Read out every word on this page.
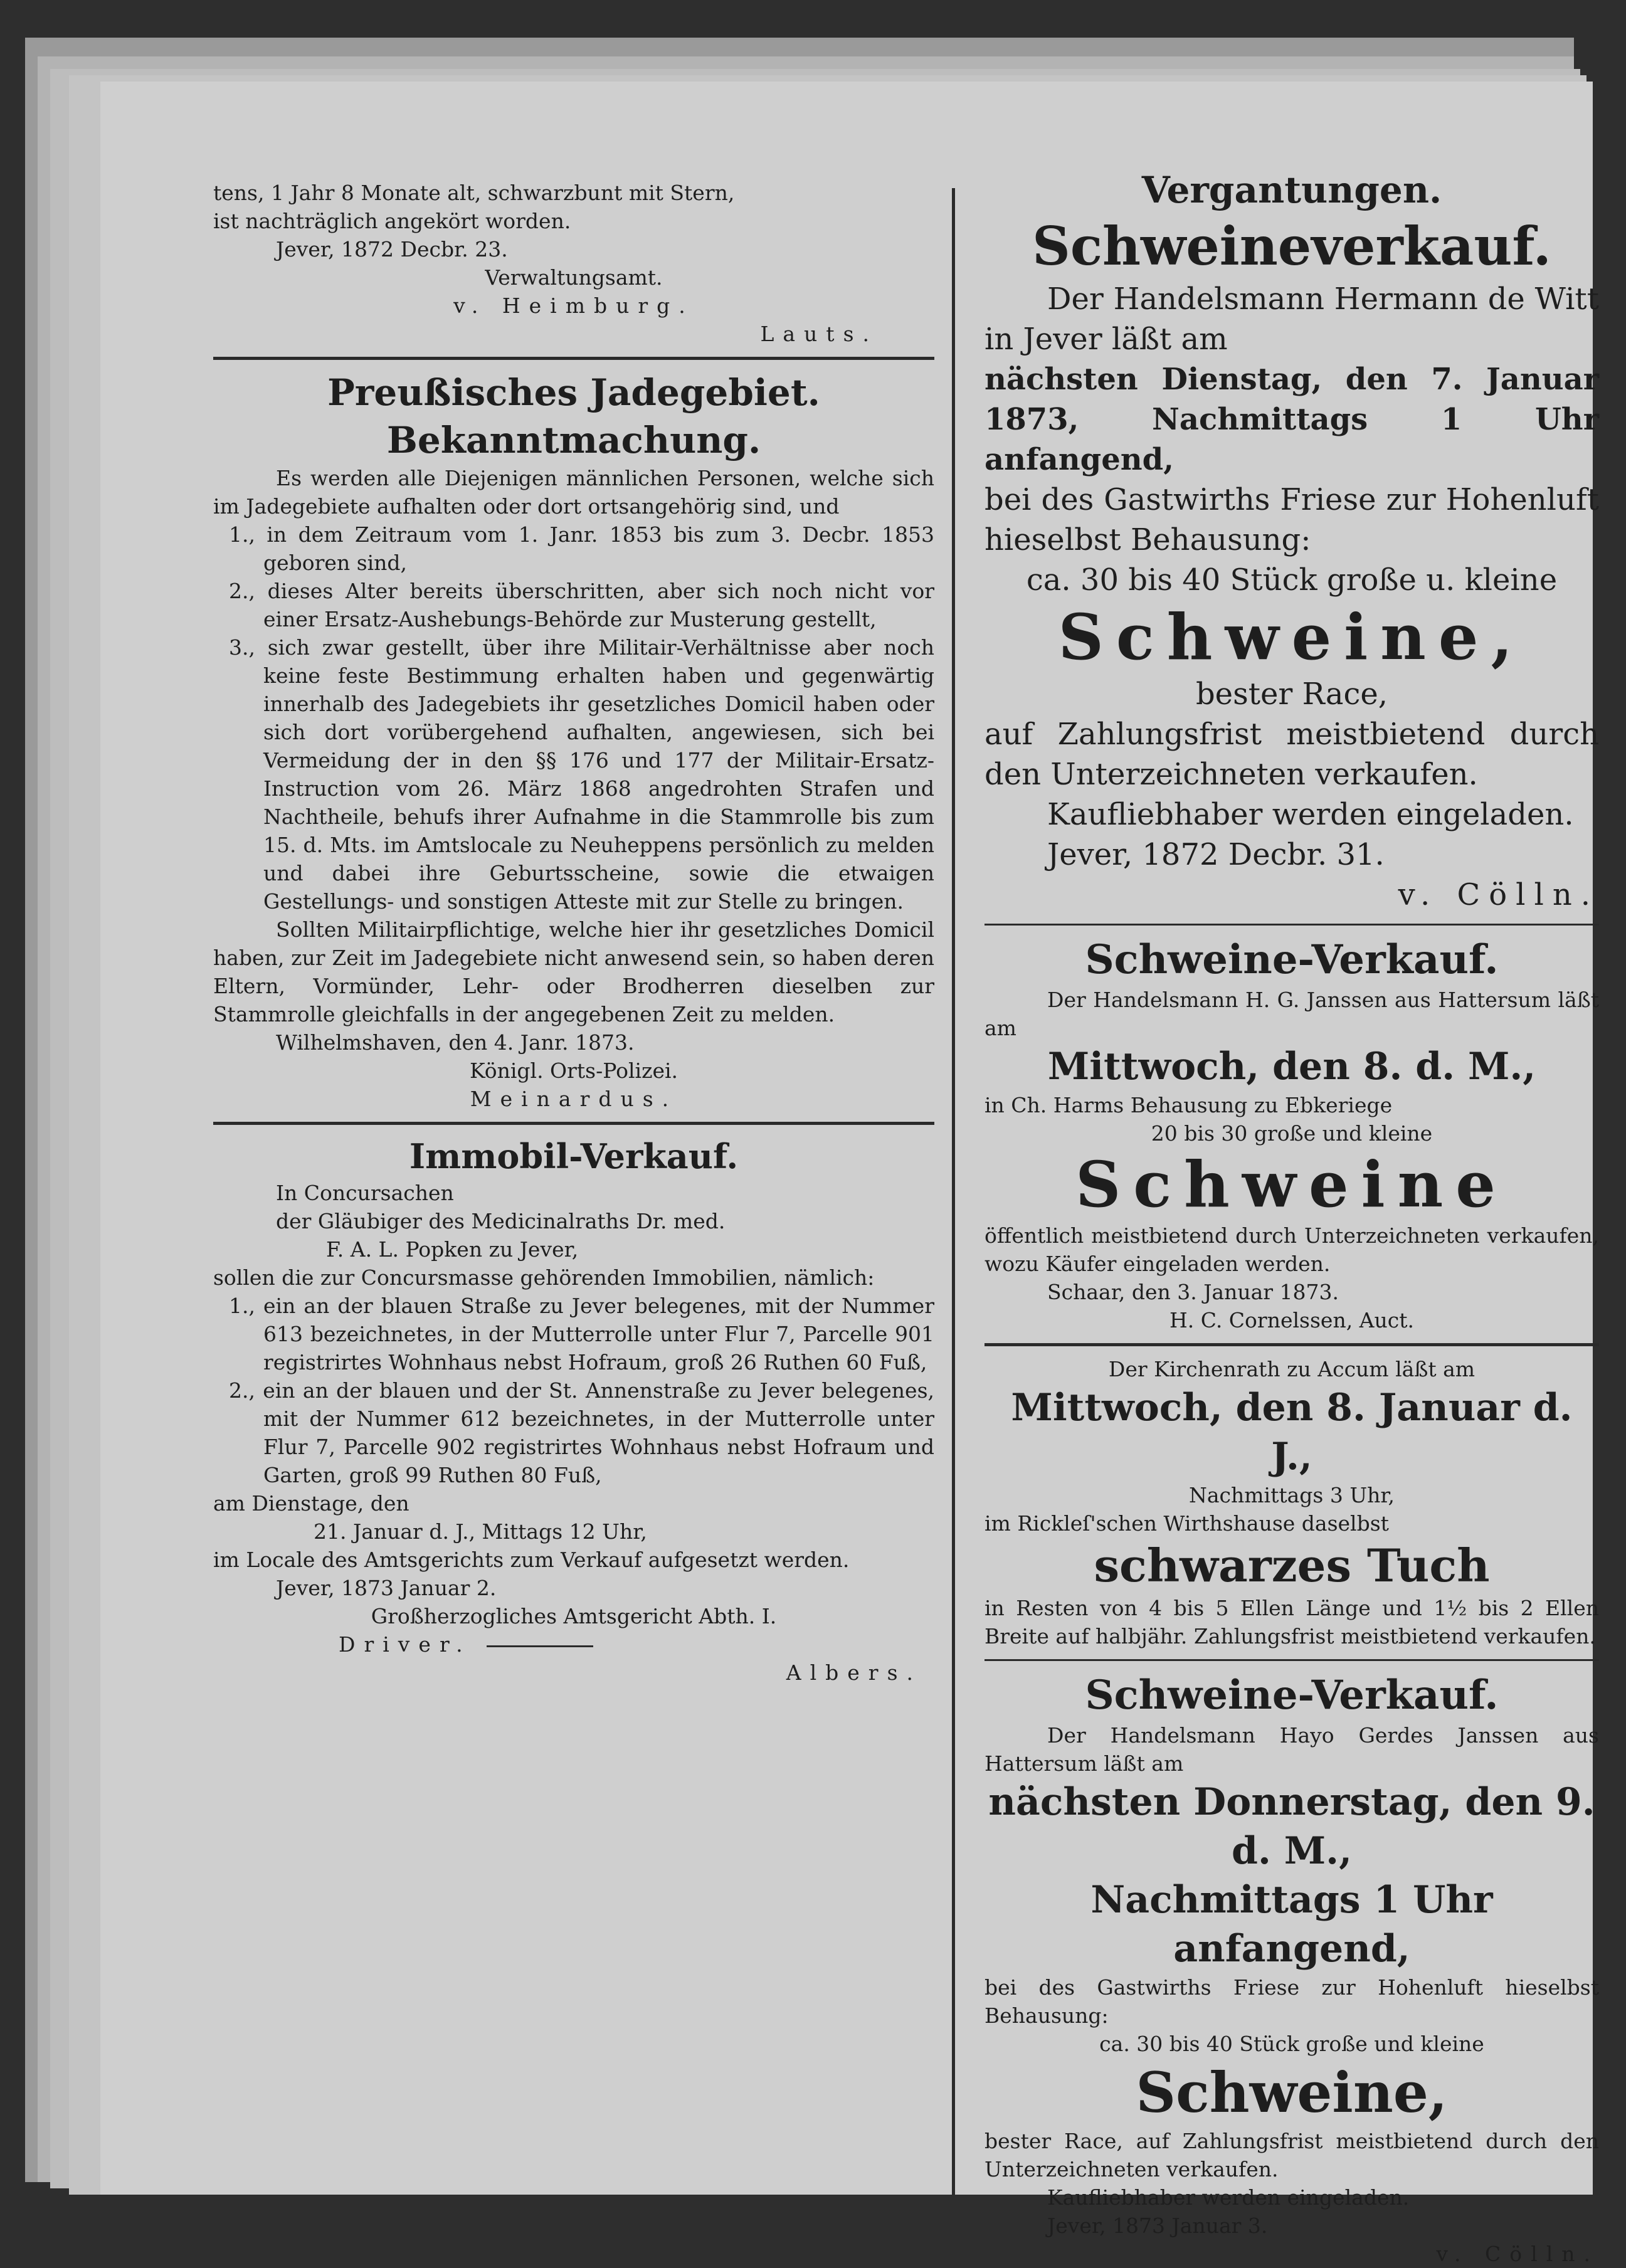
tens, 1 Jahr 8 Monate alt, schwarzbunt mit Stern,

ist nachträglich angekört worden.

Jever, 1872 Decbr. 23.

Verwaltungsamt.

v. Heimburg.

Lauts.

Preußisches Jadegebiet.

Bekanntmachung.

Es werden alle Diejenigen männlichen Personen, welche sich im Jadegebiete aufhalten oder dort ortsangehörig sind, und

1., in dem Zeitraum vom 1. Janr. 1853 bis zum 3. Decbr. 1853 geboren sind,

2., dieses Alter bereits überschritten, aber sich noch nicht vor einer Ersatz-Aushebungs-Behörde zur Musterung gestellt,

3., sich zwar gestellt, über ihre Militair-Verhältnisse aber noch keine feste Bestimmung erhalten haben und gegenwärtig innerhalb des Jadegebiets ihr gesetzliches Domicil haben oder sich dort vorübergehend aufhalten, angewiesen, sich bei Vermeidung der in den §§ 176 und 177 der Militair-Ersatz-Instruction vom 26. März 1868 angedrohten Strafen und Nachtheile, behufs ihrer Aufnahme in die Stammrolle bis zum 15. d. Mts. im Amtslocale zu Neuheppens persönlich zu melden und dabei ihre Geburtsscheine, sowie die etwaigen Gestellungs- und sonstigen Atteste mit zur Stelle zu bringen.

Sollten Militairpflichtige, welche hier ihr gesetzliches Domicil haben, zur Zeit im Jadegebiete nicht anwesend sein, so haben deren Eltern, Vormünder, Lehr- oder Brodherren dieselben zur Stammrolle gleichfalls in der angegebenen Zeit zu melden.

Wilhelmshaven, den 4. Janr. 1873.

Königl. Orts-Polizei.

Meinardus.

Immobil-Verkauf.

In Concursachen

der Gläubiger des Medicinalraths Dr. med.

F. A. L. Popken zu Jever,

sollen die zur Concursmasse gehörenden Immobilien, nämlich:

1., ein an der blauen Straße zu Jever belegenes, mit der Nummer 613 bezeichnetes, in der Mutterrolle unter Flur 7, Parcelle 901 registrirtes Wohnhaus nebst Hofraum, groß 26 Ruthen 60 Fuß,

2., ein an der blauen und der St. Annenstraße zu Jever belegenes, mit der Nummer 612 bezeichnetes, in der Mutterrolle unter Flur 7, Parcelle 902 registrirtes Wohnhaus nebst Hofraum und Garten, groß 99 Ruthen 80 Fuß,

am Dienstage, den

21. Januar d. J., Mittags 12 Uhr,

im Locale des Amtsgerichts zum Verkauf aufgesetzt werden.

Jever, 1873 Januar 2.

Großherzogliches Amtsgericht Abth. I.

Driver.

Albers.

Vergantungen.

Schweineverkauf.

Der Handelsmann Hermann de Witt in Jever läßt am

nächsten Dienstag, den 7. Januar 1873, Nachmittags 1 Uhr anfangend,

bei des Gastwirths Friese zur Hohenluft hieselbst Behausung:

ca. 30 bis 40 Stück große u. kleine

Schweine,

bester Race,

auf Zahlungsfrist meistbietend durch den Unterzeichneten verkaufen.

Kaufliebhaber werden eingeladen.

Jever, 1872 Decbr. 31.

v. Cölln.

Schweine-Verkauf.

Der Handelsmann H. G. Janssen aus Hattersum läßt am

Mittwoch, den 8. d. M.,

in Ch. Harms Behausung zu Ebkeriege

20 bis 30 große und kleine

Schweine

öffentlich meistbietend durch Unterzeichneten verkaufen, wozu Käufer eingeladen werden.

Schaar, den 3. Januar 1873.

H. C. Cornelssen, Auct.

Der Kirchenrath zu Accum läßt am

Mittwoch, den 8. Januar d. J.,

Nachmittags 3 Uhr,

im Rickleſ'schen Wirthshause daselbst

schwarzes Tuch

in Resten von 4 bis 5 Ellen Länge und 1½ bis 2 Ellen Breite auf halbjähr. Zahlungsfrist meistbietend verkaufen.

Schweine-Verkauf.

Der Handelsmann Hayo Gerdes Janssen aus Hattersum läßt am

nächsten Donnerstag, den 9. d. M.,

Nachmittags 1 Uhr anfangend,

bei des Gastwirths Friese zur Hohenluft hieselbst Behausung:

ca. 30 bis 40 Stück große und kleine

Schweine,

bester Race, auf Zahlungsfrist meistbietend durch den Unterzeichneten verkaufen.

Kaufliebhaber werden eingeladen.

Jever, 1873 Januar 3.

v. Cölln.
